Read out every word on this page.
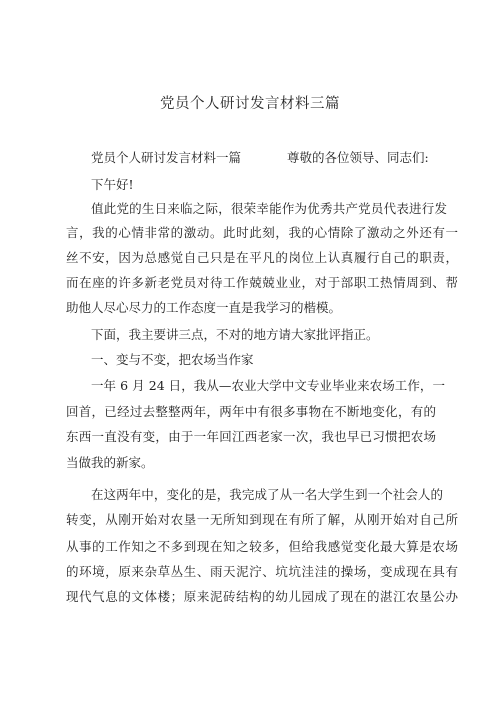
党员个人研讨发言材料三篇
党员个人研讨发言材料一篇	尊敬的各位领导、同志们:
下午好!
值此党的生日来临之际，很荣幸能作为优秀共产党员代表进行发
言，我的心情非常的激动。此时此刻，我的心情除了激动之外还有一
丝不安，因为总感觉自己只是在平凡的岗位上认真履行自己的职责，
而在座的许多新老党员对待工作兢兢业业，对于部职工热情周到、帮
助他人尽心尽力的工作态度一直是我学习的楷模。
下面，我主要讲三点，不对的地方请大家批评指正。
一、变与不变，把农场当作家
一年 6 月 24 日，我从—农业大学中文专业毕业来农场工作，一
回首，已经过去整整两年，两年中有很多事物在不断地变化，有的
东西一直没有变，由于一年回江西老家一次，我也早已习惯把农场
当做我的新家。
在这两年中，变化的是，我完成了从一名大学生到一个社会人的
转变，从刚开始对农垦一无所知到现在有所了解，从刚开始对自己所
从事的工作知之不多到现在知之较多，但给我感觉变化最大算是农场
的环境，原来杂草丛生、雨天泥泞、坑坑洼洼的操场，变成现在具有
现代气息的文体楼；原来泥砖结构的幼儿园成了现在的湛江农垦公办
